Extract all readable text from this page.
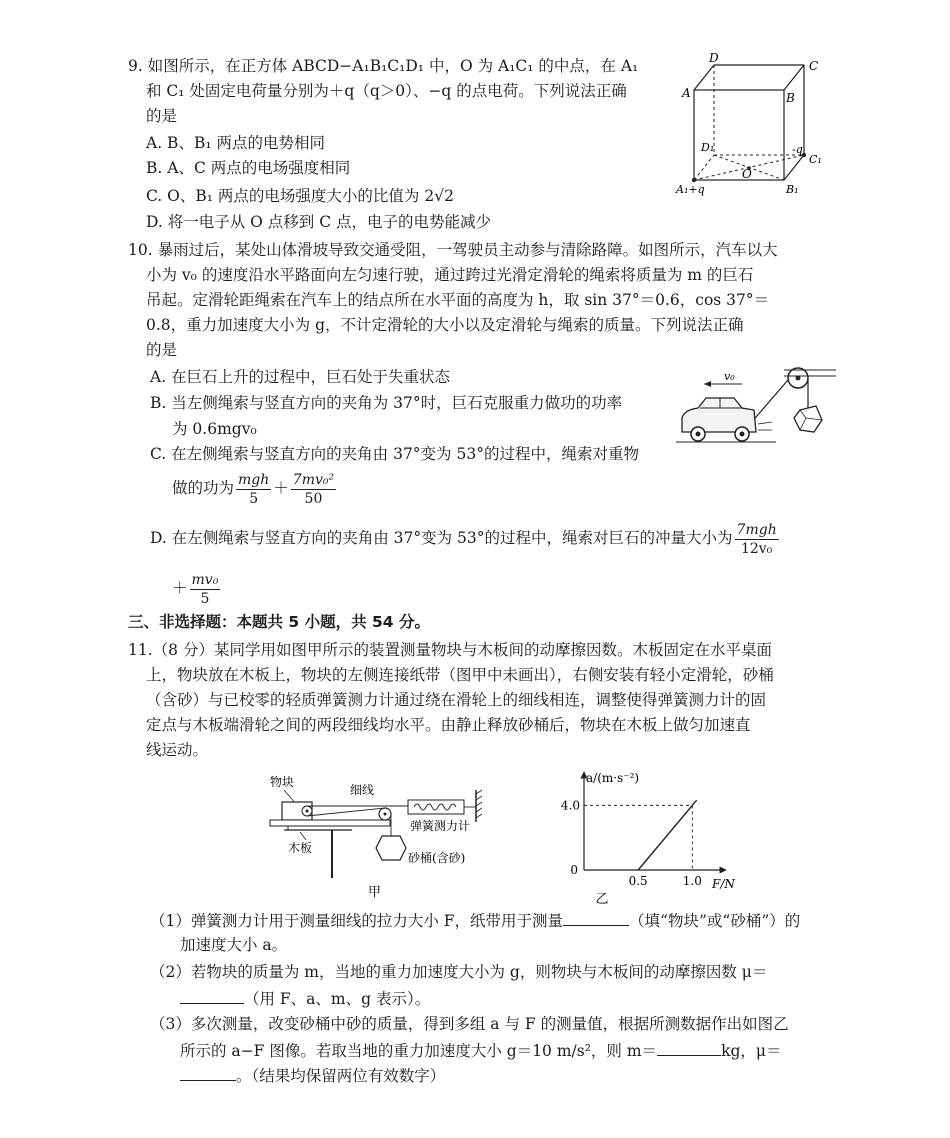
9. 如图所示，在正方体 ABCD−A₁B₁C₁D₁ 中，O 为 A₁C₁ 的中点，在 A₁
和 C₁ 处固定电荷量分别为＋q（q＞0）、−q 的点电荷。下列说法正确
的是
A. B、B₁ 两点的电势相同
B. A、C 两点的电场强度相同
C. O、B₁ 两点的电场强度大小的比值为 2√2
D. 将一电子从 O 点移到 C 点，电子的电势能减少
D
C
A	B
D₁	-q
C₁
A₁+q
O
B₁
10. 暴雨过后，某处山体滑坡导致交通受阻，一驾驶员主动参与清除路障。如图所示，汽车以大
小为 v₀ 的速度沿水平路面向左匀速行驶，通过跨过光滑定滑轮的绳索将质量为 m 的巨石
吊起。定滑轮距绳索在汽车上的结点所在水平面的高度为 h，取 sin 37°＝0.6，cos 37°＝
0.8，重力加速度大小为 g，不计定滑轮的大小以及定滑轮与绳索的质量。下列说法正确
的是
A. 在巨石上升的过程中，巨石处于失重状态
B. 当左侧绳索与竖直方向的夹角为 37°时，巨石克服重力做功的功率
为 0.6mgv₀
C. 在左侧绳索与竖直方向的夹角由 37°变为 53°的过程中，绳索对重物
做的功为 $\frac{\text{mgh}}{5} + \frac{\text{7mv₀²}}{50}$
D. 在左侧绳索与竖直方向的夹角由 37°变为 53°的过程中，绳索对巨石的冲量大小为 $\frac{\text{7mgh}}{\text{12v₀}}$
＋ $\frac{\text{mv₀}}{5}$
v₀
三、非选择题：本题共 5 小题，共 54 分。
11.（8 分）某同学用如图甲所示的装置测量物块与木板间的动摩擦因数。木板固定在水平桌面
上，物块放在木板上，物块的左侧连接纸带（图甲中未画出），右侧安装有轻小定滑轮，砂桶
（含砂）与已校零的轻质弹簧测力计通过绕在滑轮上的细线相连，调整使得弹簧测力计的固
定点与木板端滑轮之间的两段细线均水平。由静止释放砂桶后，物块在木板上做匀加速直
线运动。
物块
细线
木板
弹簧测力计
砂桶(含砂)
甲
a/(m·s⁻²)
F/N
4.0
0
0.5	1.0
乙
（1）弹簧测力计用于测量细线的拉力大小 F，纸带用于测量	（填“物块”或“砂桶”）的
加速度大小 a。
（2）若物块的质量为 m，当地的重力加速度大小为 g，则物块与木板间的动摩擦因数 μ＝
（用 F、a、m、g 表示）。
（3）多次测量，改变砂桶中砂的质量，得到多组 a 与 F 的测量值，根据所测数据作出如图乙
所示的 a−F 图像。若取当地的重力加速度大小 g＝10 m/s²，则 m＝	kg，μ＝
。（结果均保留两位有效数字）
